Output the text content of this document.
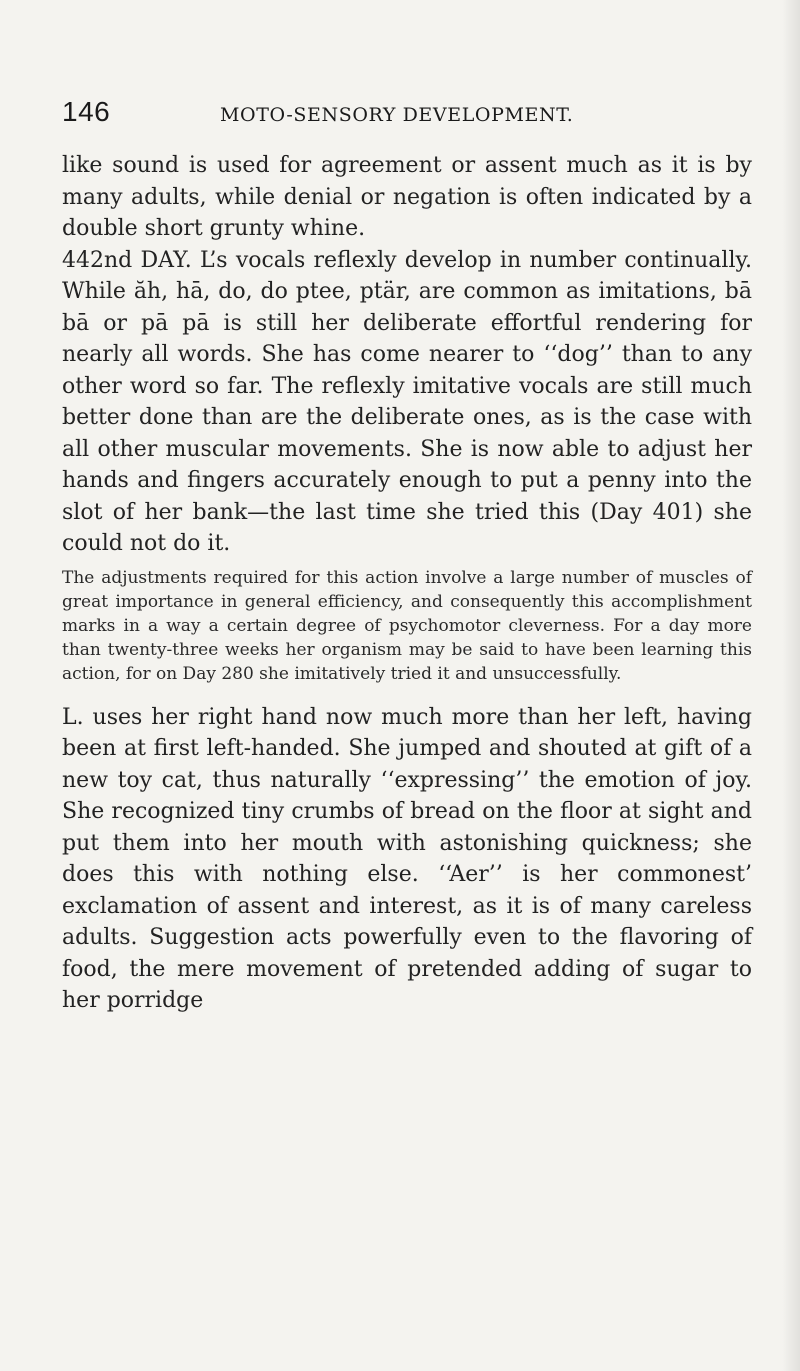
146	MOTO-SENSORY DEVELOPMENT.

like sound is used for agreement or assent much as it is by many adults, while denial or negation is often indicated by a double short grunty whine.

442nd DAY. L’s vocals reflexly develop in number continually. While ăh, hā, do, do ptee, ptär, are common as imitations, bā bā or pā pā is still her deliberate effortful rendering for nearly all words. She has come nearer to ‘‘dog’’ than to any other word so far. The reflexly imitative vocals are still much better done than are the deliberate ones, as is the case with all other muscular movements. She is now able to adjust her hands and fingers accurately enough to put a penny into the slot of her bank—the last time she tried this (Day 401) she could not do it.

The adjustments required for this action involve a large number of muscles of great importance in general efficiency, and consequently this accomplishment marks in a way a certain degree of psychomotor cleverness. For a day more than twenty-three weeks her organism may be said to have been learning this action, for on Day 280 she imitatively tried it and unsuccessfully.

L. uses her right hand now much more than her left, having been at first left-handed. She jumped and shouted at gift of a new toy cat, thus naturally ‘‘expressing’’ the emotion of joy. She recognized tiny crumbs of bread on the floor at sight and put them into her mouth with astonishing quickness; she does this with nothing else. ‘‘Aer’’ is her commonest’ exclamation of assent and interest, as it is of many careless adults. Suggestion acts powerfully even to the flavoring of food, the mere movement of pretended adding of sugar to her porridge
